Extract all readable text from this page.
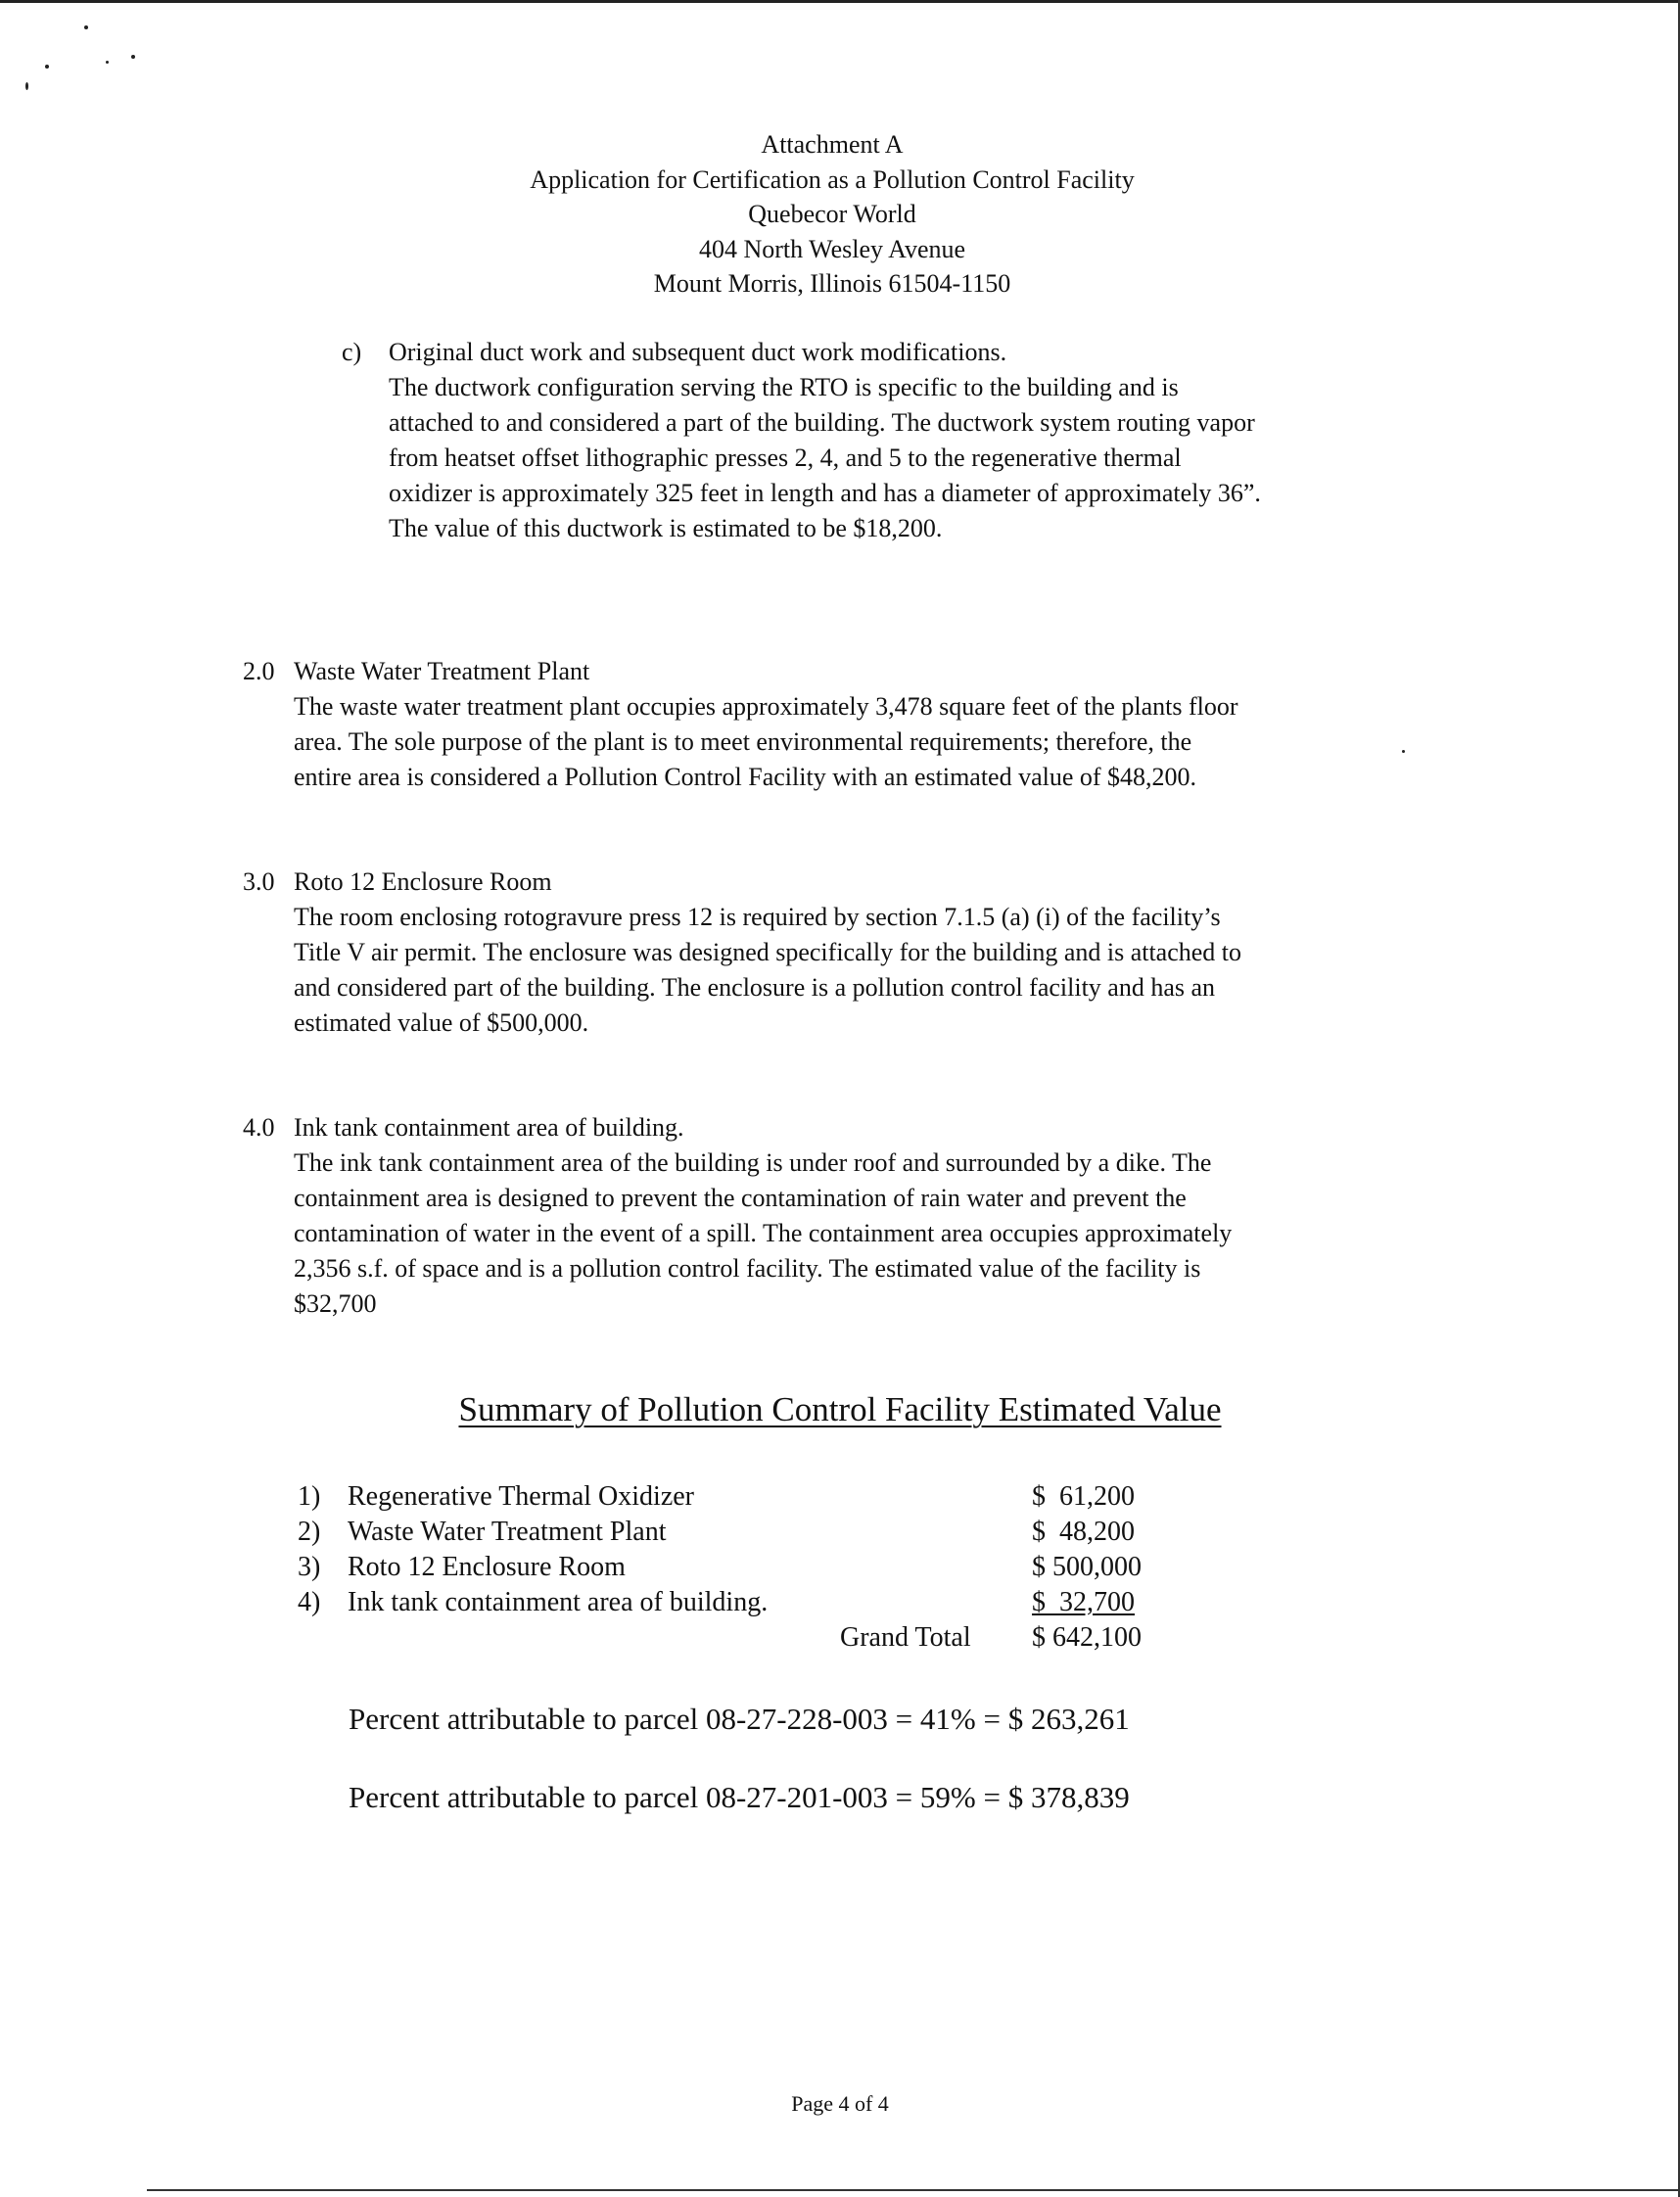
Attachment A
Application for Certification as a Pollution Control Facility
Quebecor World
404 North Wesley Avenue
Mount Morris, Illinois 61504-1150
c) Original duct work and subsequent duct work modifications.
The ductwork configuration serving the RTO is specific to the building and is
attached to and considered a part of the building. The ductwork system routing vapor
from heatset offset lithographic presses 2, 4, and 5 to the regenerative thermal
oxidizer is approximately 325 feet in length and has a diameter of approximately 36”.
The value of this ductwork is estimated to be $18,200.
2.0 Waste Water Treatment Plant
The waste water treatment plant occupies approximately 3,478 square feet of the plants floor
area. The sole purpose of the plant is to meet environmental requirements; therefore, the
entire area is considered a Pollution Control Facility with an estimated value of $48,200.
3.0 Roto 12 Enclosure Room
The room enclosing rotogravure press 12 is required by section 7.1.5 (a) (i) of the facility’s
Title V air permit. The enclosure was designed specifically for the building and is attached to
and considered part of the building. The enclosure is a pollution control facility and has an
estimated value of $500,000.
4.0 Ink tank containment area of building.
The ink tank containment area of the building is under roof and surrounded by a dike. The
containment area is designed to prevent the contamination of rain water and prevent the
contamination of water in the event of a spill. The containment area occupies approximately
2,356 s.f. of space and is a pollution control facility. The estimated value of the facility is
$32,700
Summary of Pollution Control Facility Estimated Value
1) Regenerative Thermal Oxidizer	$  61,200
2) Waste Water Treatment Plant	$  48,200
3) Roto 12 Enclosure Room	$ 500,000
4) Ink tank containment area of building.	$  32,700
Grand Total $ 642,100
Percent attributable to parcel 08-27-228-003 = 41% = $ 263,261
Percent attributable to parcel 08-27-201-003 = 59% = $ 378,839
Page 4 of 4
